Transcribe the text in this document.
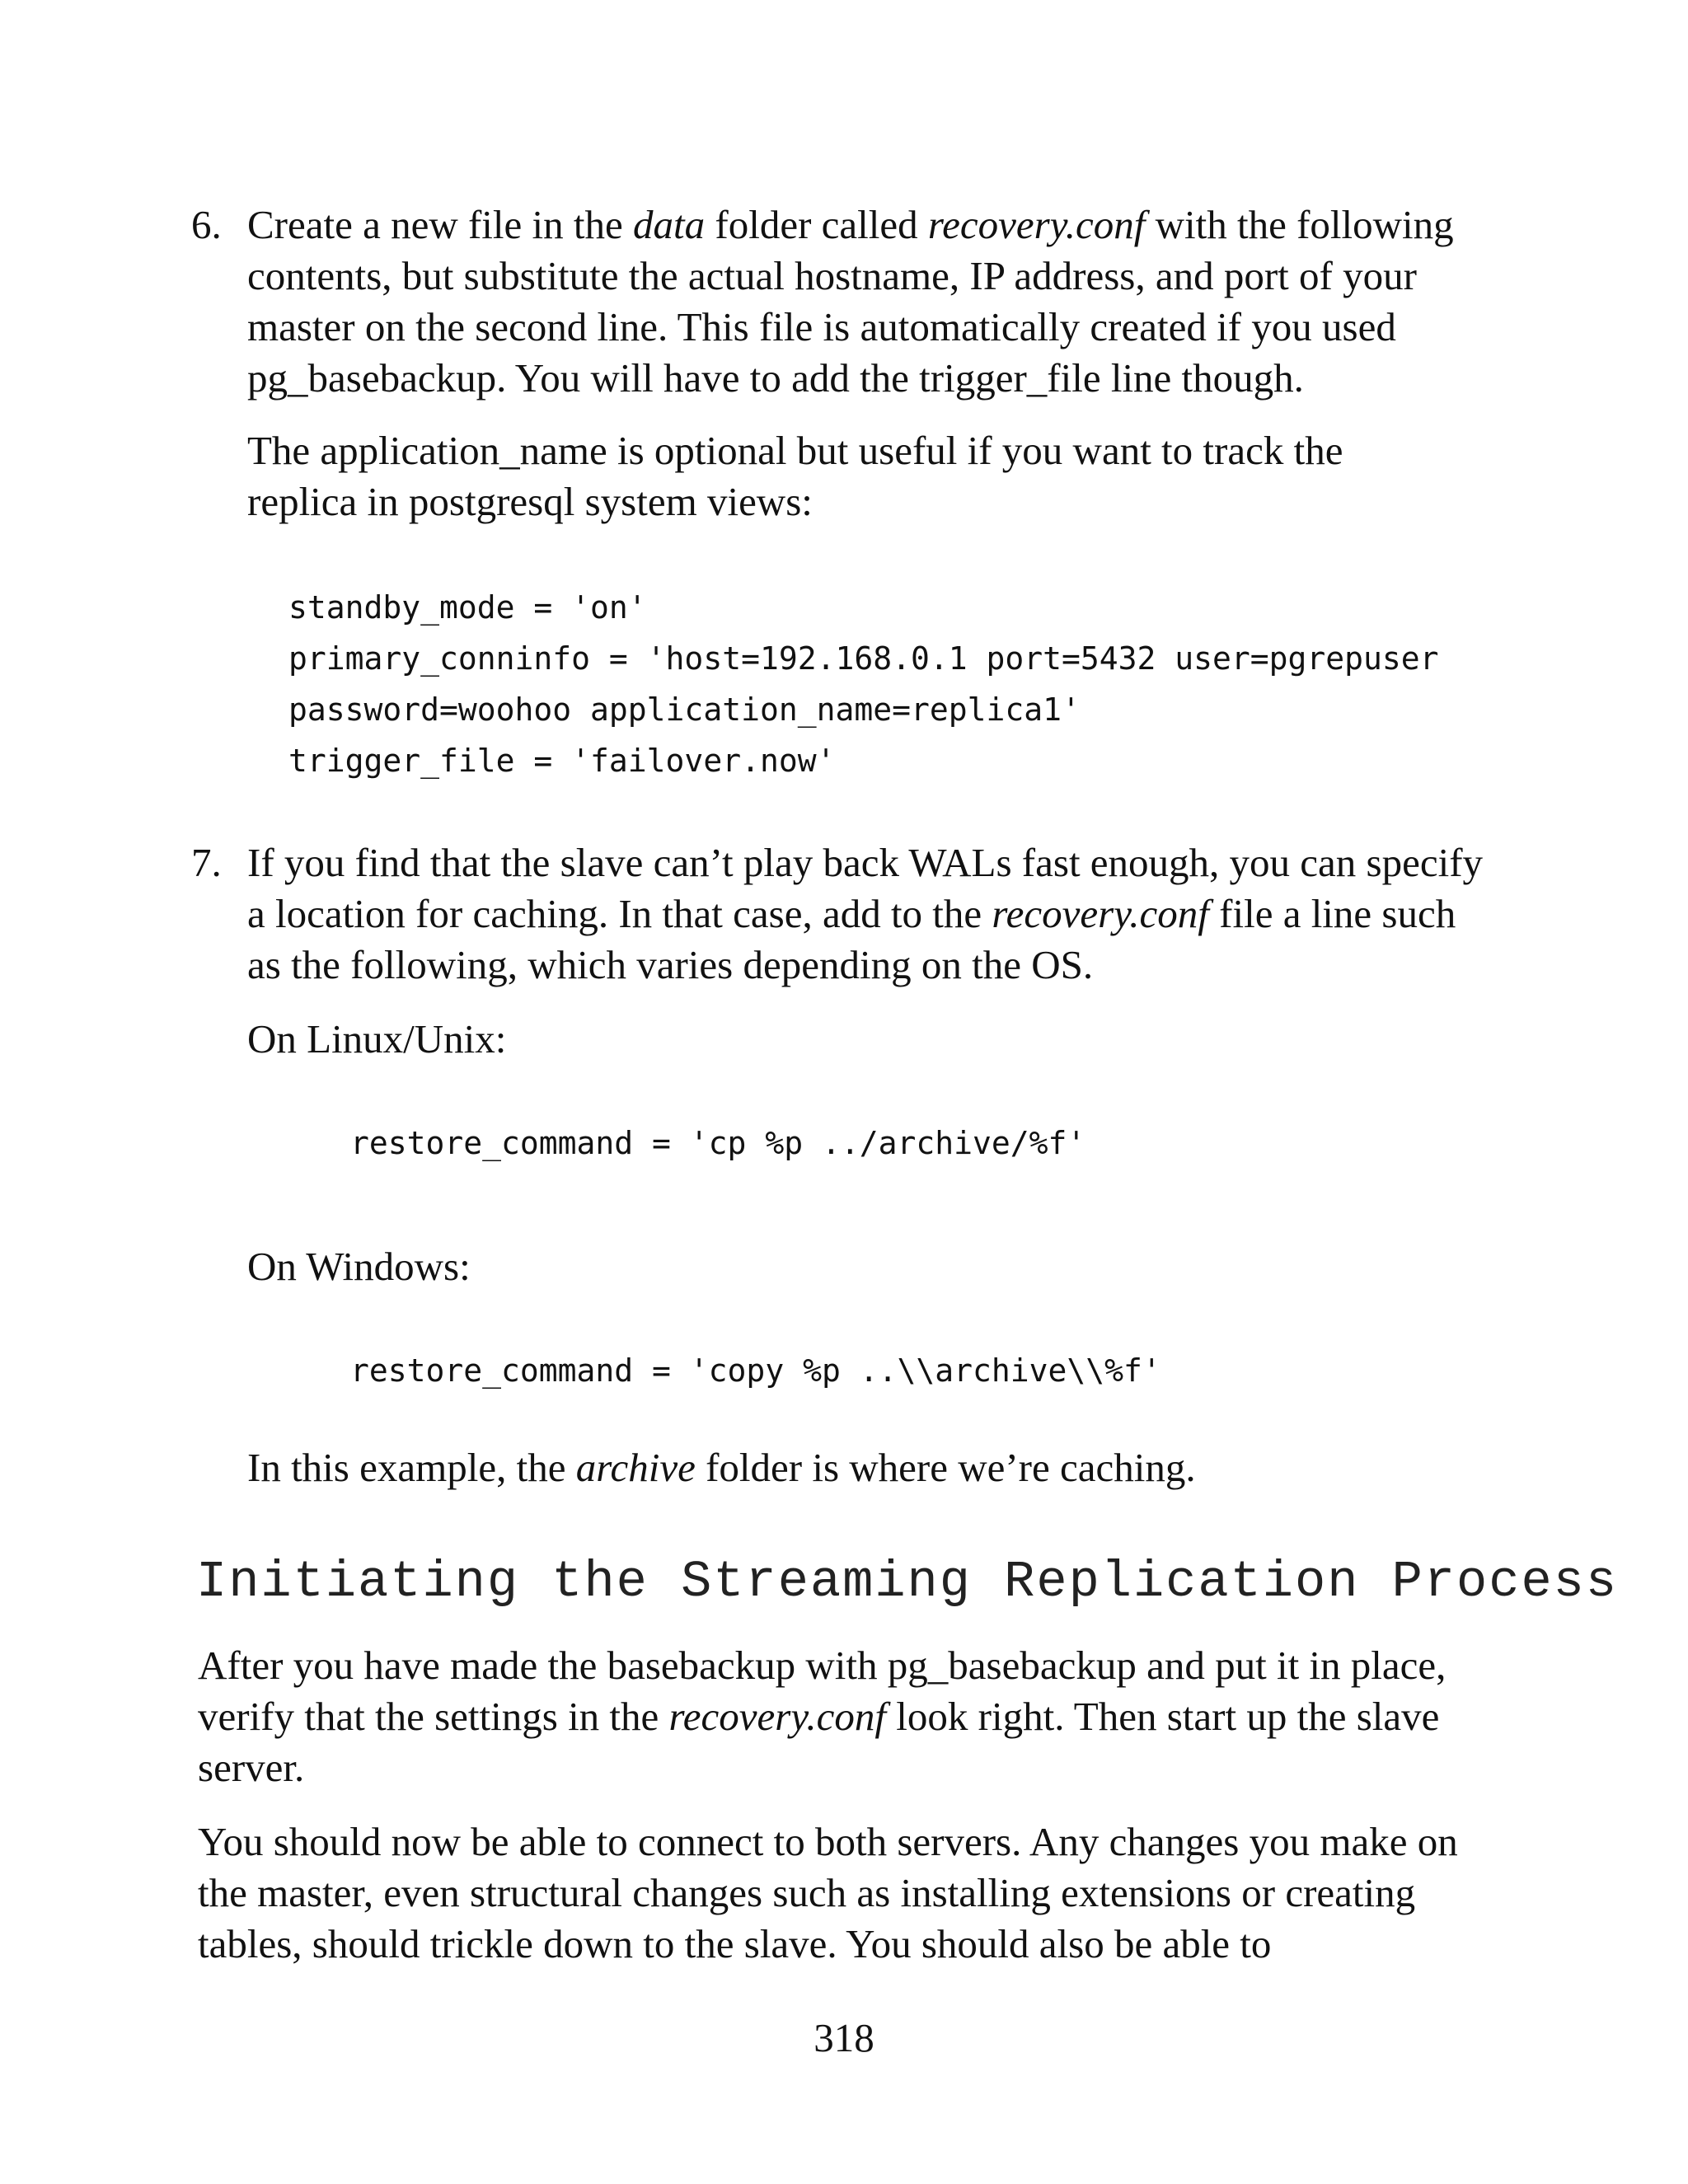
6. Create a new file in the data folder called recovery.conf with the following contents, but substitute the actual hostname, IP address, and port of your master on the second line. This file is automatically created if you used pg_basebackup. You will have to add the trigger_file line though.
The application_name is optional but useful if you want to track the replica in postgresql system views:
standby_mode = 'on'
primary_conninfo = 'host=192.168.0.1 port=5432 user=pgrepuser
password=woohoo application_name=replica1'
trigger_file = 'failover.now'
7. If you find that the slave can’t play back WALs fast enough, you can specify a location for caching. In that case, add to the recovery.conf file a line such as the following, which varies depending on the OS.
On Linux/Unix:
restore_command = 'cp %p ../archive/%f'
On Windows:
restore_command = 'copy %p ..\\archive\\%f'
In this example, the archive folder is where we’re caching.
Initiating the Streaming Replication Process
After you have made the basebackup with pg_basebackup and put it in place, verify that the settings in the recovery.conf look right. Then start up the slave server.
You should now be able to connect to both servers. Any changes you make on the master, even structural changes such as installing extensions or creating tables, should trickle down to the slave. You should also be able to
318
